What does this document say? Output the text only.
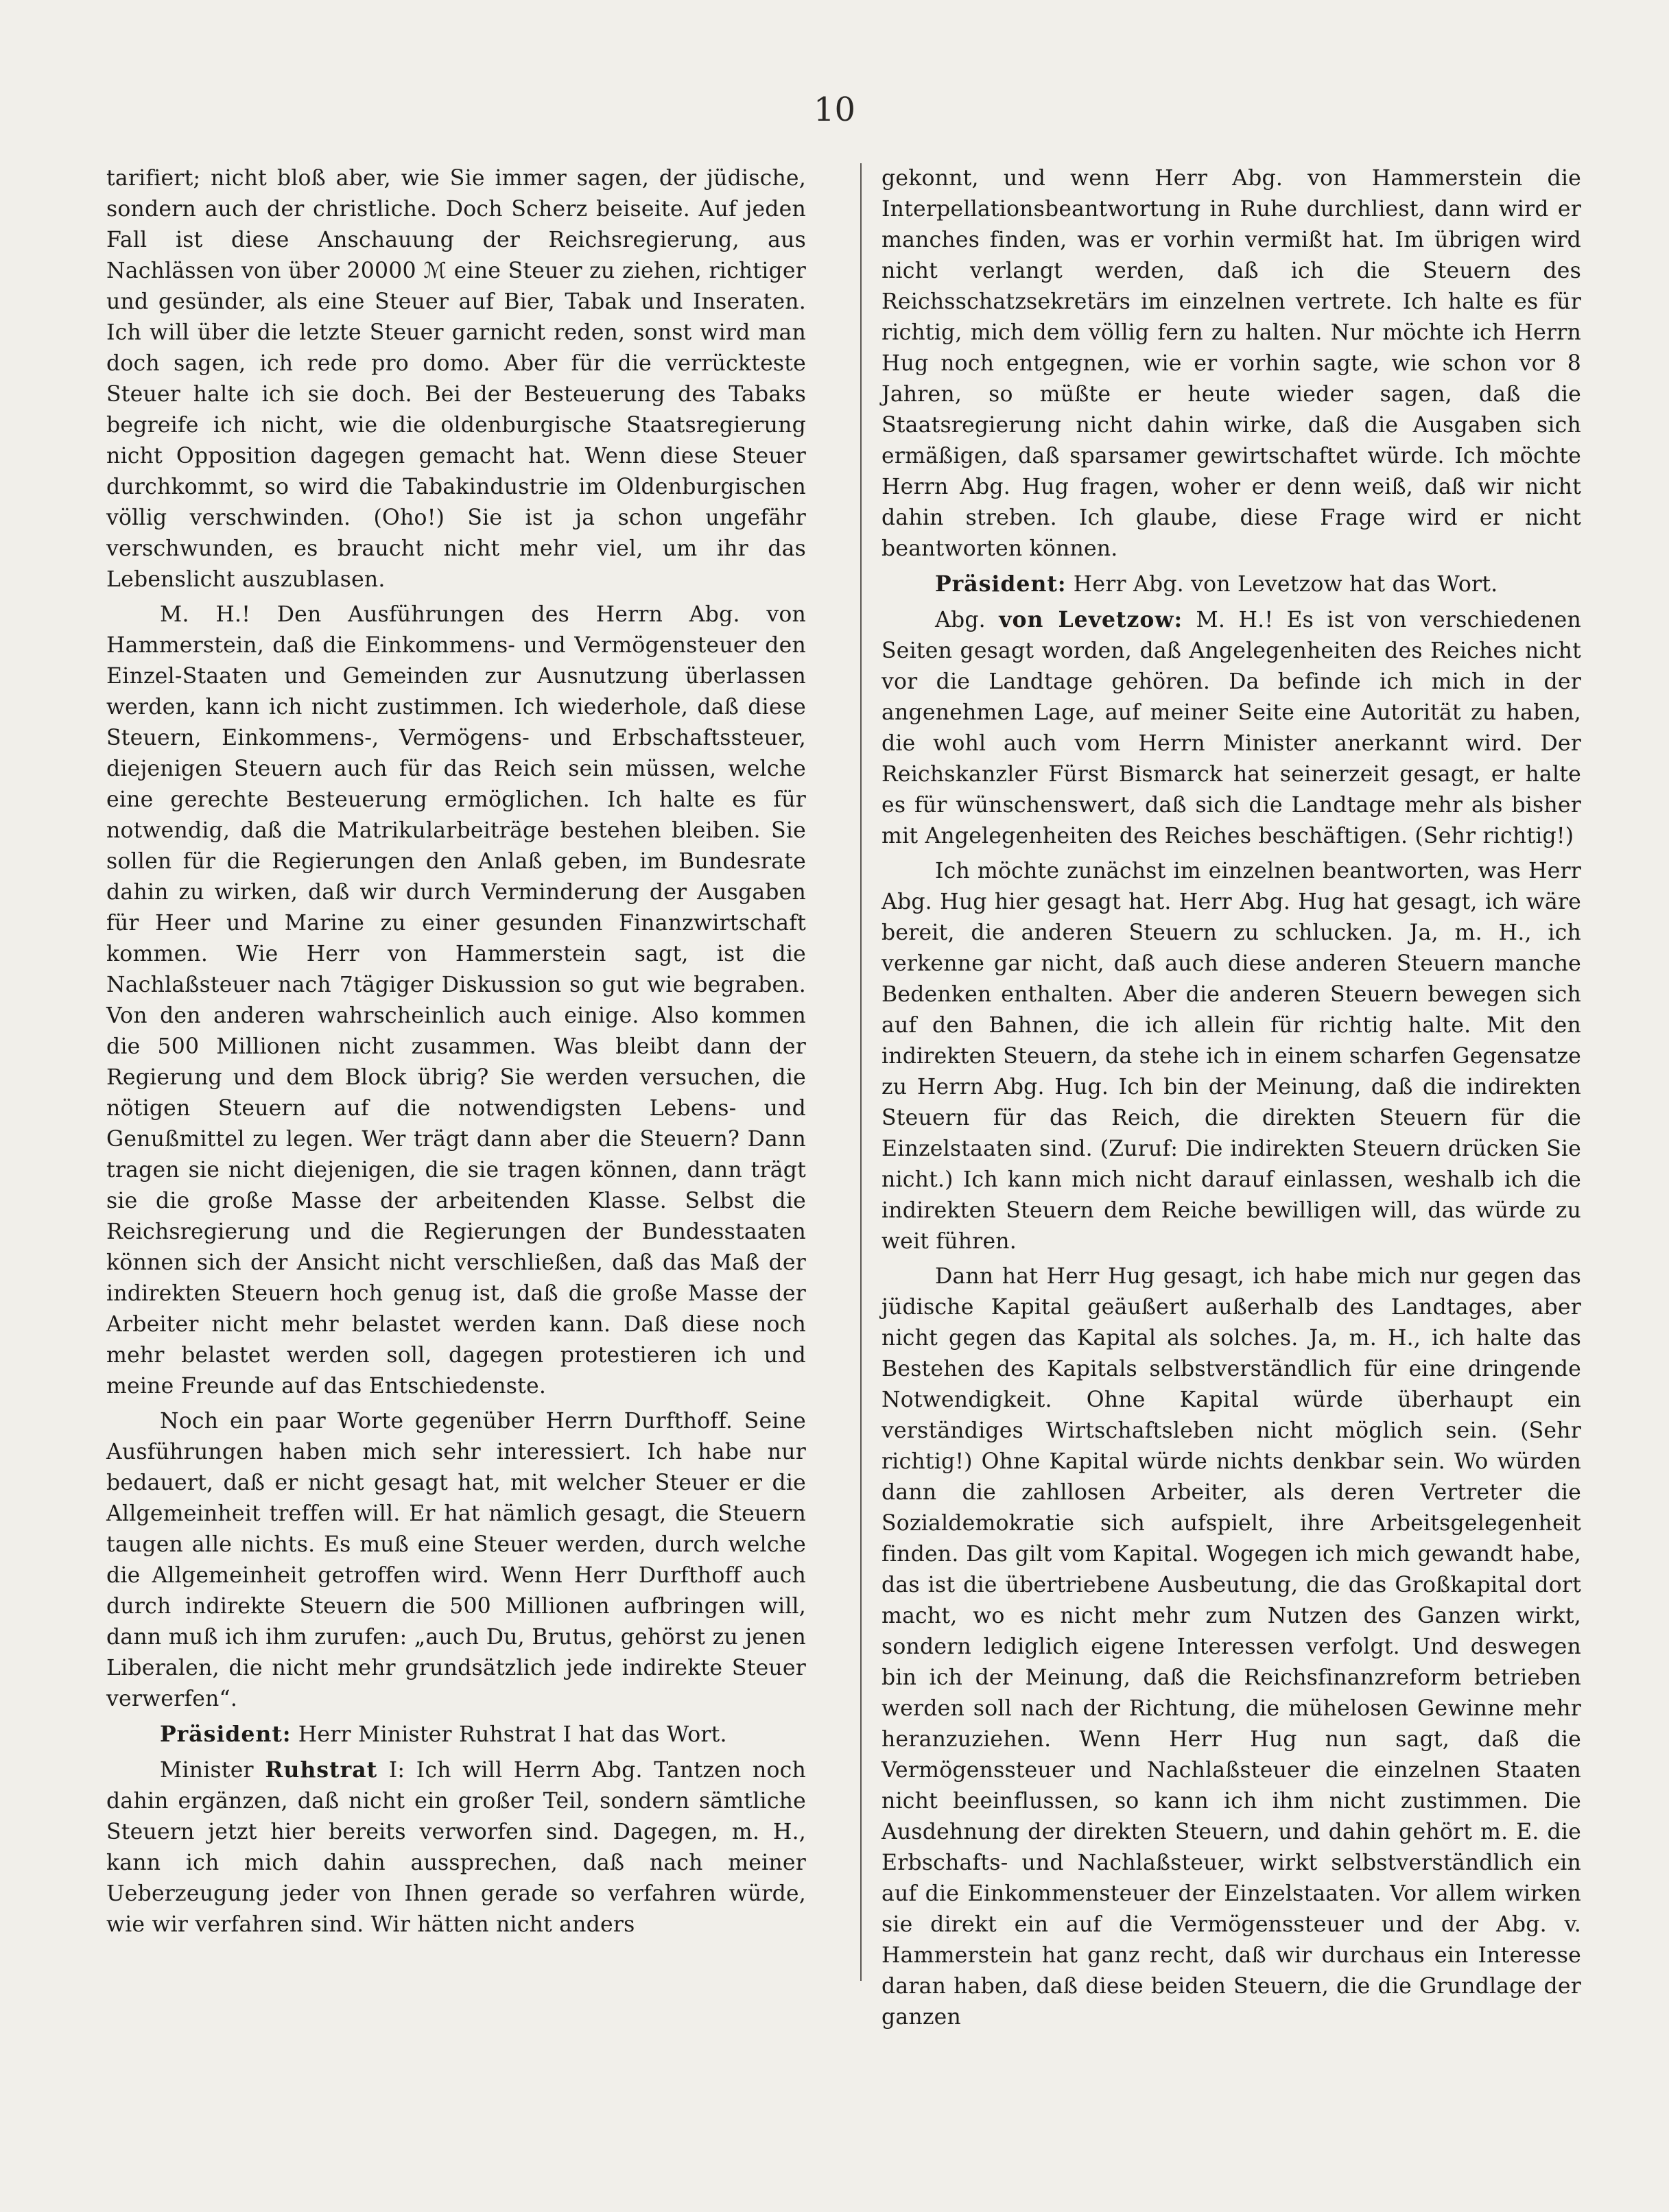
10

tarifiert; nicht bloß aber, wie Sie immer sagen, der jüdische, sondern auch der christliche. Doch Scherz beiseite. Auf jeden Fall ist diese Anschauung der Reichsregierung, aus Nachlässen von über 20000 ℳ eine Steuer zu ziehen, richtiger und gesünder, als eine Steuer auf Bier, Tabak und Inseraten. Ich will über die letzte Steuer garnicht reden, sonst wird man doch sagen, ich rede pro domo. Aber für die verrückteste Steuer halte ich sie doch. Bei der Besteuerung des Tabaks begreife ich nicht, wie die oldenburgische Staatsregierung nicht Opposition dagegen gemacht hat. Wenn diese Steuer durchkommt, so wird die Tabakindustrie im Oldenburgischen völlig verschwinden. (Oho!) Sie ist ja schon ungefähr verschwunden, es braucht nicht mehr viel, um ihr das Lebenslicht auszublasen.

M. H.! Den Ausführungen des Herrn Abg. von Hammerstein, daß die Einkommens- und Vermögensteuer den Einzel-Staaten und Gemeinden zur Ausnutzung überlassen werden, kann ich nicht zustimmen. Ich wiederhole, daß diese Steuern, Einkommens-, Vermögens- und Erbschaftssteuer, diejenigen Steuern auch für das Reich sein müssen, welche eine gerechte Besteuerung ermöglichen. Ich halte es für notwendig, daß die Matrikularbeiträge bestehen bleiben. Sie sollen für die Regierungen den Anlaß geben, im Bundesrate dahin zu wirken, daß wir durch Verminderung der Ausgaben für Heer und Marine zu einer gesunden Finanzwirtschaft kommen. Wie Herr von Hammerstein sagt, ist die Nachlaßsteuer nach 7tägiger Diskussion so gut wie begraben. Von den anderen wahrscheinlich auch einige. Also kommen die 500 Millionen nicht zusammen. Was bleibt dann der Regierung und dem Block übrig? Sie werden versuchen, die nötigen Steuern auf die notwendigsten Lebens- und Genußmittel zu legen. Wer trägt dann aber die Steuern? Dann tragen sie nicht diejenigen, die sie tragen können, dann trägt sie die große Masse der arbeitenden Klasse. Selbst die Reichsregierung und die Regierungen der Bundesstaaten können sich der Ansicht nicht verschließen, daß das Maß der indirekten Steuern hoch genug ist, daß die große Masse der Arbeiter nicht mehr belastet werden kann. Daß diese noch mehr belastet werden soll, dagegen protestieren ich und meine Freunde auf das Entschiedenste.

Noch ein paar Worte gegenüber Herrn Durfthoff. Seine Ausführungen haben mich sehr interessiert. Ich habe nur bedauert, daß er nicht gesagt hat, mit welcher Steuer er die Allgemeinheit treffen will. Er hat nämlich gesagt, die Steuern taugen alle nichts. Es muß eine Steuer werden, durch welche die Allgemeinheit getroffen wird. Wenn Herr Durfthoff auch durch indirekte Steuern die 500 Millionen aufbringen will, dann muß ich ihm zurufen: „auch Du, Brutus, gehörst zu jenen Liberalen, die nicht mehr grundsätzlich jede indirekte Steuer verwerfen“.

Präsident: Herr Minister Ruhstrat I hat das Wort.

Minister Ruhstrat I: Ich will Herrn Abg. Tantzen noch dahin ergänzen, daß nicht ein großer Teil, sondern sämtliche Steuern jetzt hier bereits verworfen sind. Dagegen, m. H., kann ich mich dahin aussprechen, daß nach meiner Ueberzeugung jeder von Ihnen gerade so verfahren würde, wie wir verfahren sind. Wir hätten nicht anders

gekonnt, und wenn Herr Abg. von Hammerstein die Interpellationsbeantwortung in Ruhe durchliest, dann wird er manches finden, was er vorhin vermißt hat. Im übrigen wird nicht verlangt werden, daß ich die Steuern des Reichsschatzsekretärs im einzelnen vertrete. Ich halte es für richtig, mich dem völlig fern zu halten. Nur möchte ich Herrn Hug noch entgegnen, wie er vorhin sagte, wie schon vor 8 Jahren, so müßte er heute wieder sagen, daß die Staatsregierung nicht dahin wirke, daß die Ausgaben sich ermäßigen, daß sparsamer gewirtschaftet würde. Ich möchte Herrn Abg. Hug fragen, woher er denn weiß, daß wir nicht dahin streben. Ich glaube, diese Frage wird er nicht beantworten können.

Präsident: Herr Abg. von Levetzow hat das Wort.

Abg. von Levetzow: M. H.! Es ist von verschiedenen Seiten gesagt worden, daß Angelegenheiten des Reiches nicht vor die Landtage gehören. Da befinde ich mich in der angenehmen Lage, auf meiner Seite eine Autorität zu haben, die wohl auch vom Herrn Minister anerkannt wird. Der Reichskanzler Fürst Bismarck hat seinerzeit gesagt, er halte es für wünschenswert, daß sich die Landtage mehr als bisher mit Angelegenheiten des Reiches beschäftigen. (Sehr richtig!)

Ich möchte zunächst im einzelnen beantworten, was Herr Abg. Hug hier gesagt hat. Herr Abg. Hug hat gesagt, ich wäre bereit, die anderen Steuern zu schlucken. Ja, m. H., ich verkenne gar nicht, daß auch diese anderen Steuern manche Bedenken enthalten. Aber die anderen Steuern bewegen sich auf den Bahnen, die ich allein für richtig halte. Mit den indirekten Steuern, da stehe ich in einem scharfen Gegensatze zu Herrn Abg. Hug. Ich bin der Meinung, daß die indirekten Steuern für das Reich, die direkten Steuern für die Einzelstaaten sind. (Zuruf: Die indirekten Steuern drücken Sie nicht.) Ich kann mich nicht darauf einlassen, weshalb ich die indirekten Steuern dem Reiche bewilligen will, das würde zu weit führen.

Dann hat Herr Hug gesagt, ich habe mich nur gegen das jüdische Kapital geäußert außerhalb des Landtages, aber nicht gegen das Kapital als solches. Ja, m. H., ich halte das Bestehen des Kapitals selbstverständlich für eine dringende Notwendigkeit. Ohne Kapital würde überhaupt ein verständiges Wirtschaftsleben nicht möglich sein. (Sehr richtig!) Ohne Kapital würde nichts denkbar sein. Wo würden dann die zahllosen Arbeiter, als deren Vertreter die Sozialdemokratie sich aufspielt, ihre Arbeitsgelegenheit finden. Das gilt vom Kapital. Wogegen ich mich gewandt habe, das ist die übertriebene Ausbeutung, die das Großkapital dort macht, wo es nicht mehr zum Nutzen des Ganzen wirkt, sondern lediglich eigene Interessen verfolgt. Und deswegen bin ich der Meinung, daß die Reichsfinanzreform betrieben werden soll nach der Richtung, die mühelosen Gewinne mehr heranzuziehen. Wenn Herr Hug nun sagt, daß die Vermögenssteuer und Nachlaßsteuer die einzelnen Staaten nicht beeinflussen, so kann ich ihm nicht zustimmen. Die Ausdehnung der direkten Steuern, und dahin gehört m. E. die Erbschafts- und Nachlaßsteuer, wirkt selbstverständlich ein auf die Einkommensteuer der Einzelstaaten. Vor allem wirken sie direkt ein auf die Vermögenssteuer und der Abg. v. Hammerstein hat ganz recht, daß wir durchaus ein Interesse daran haben, daß diese beiden Steuern, die die Grundlage der ganzen
